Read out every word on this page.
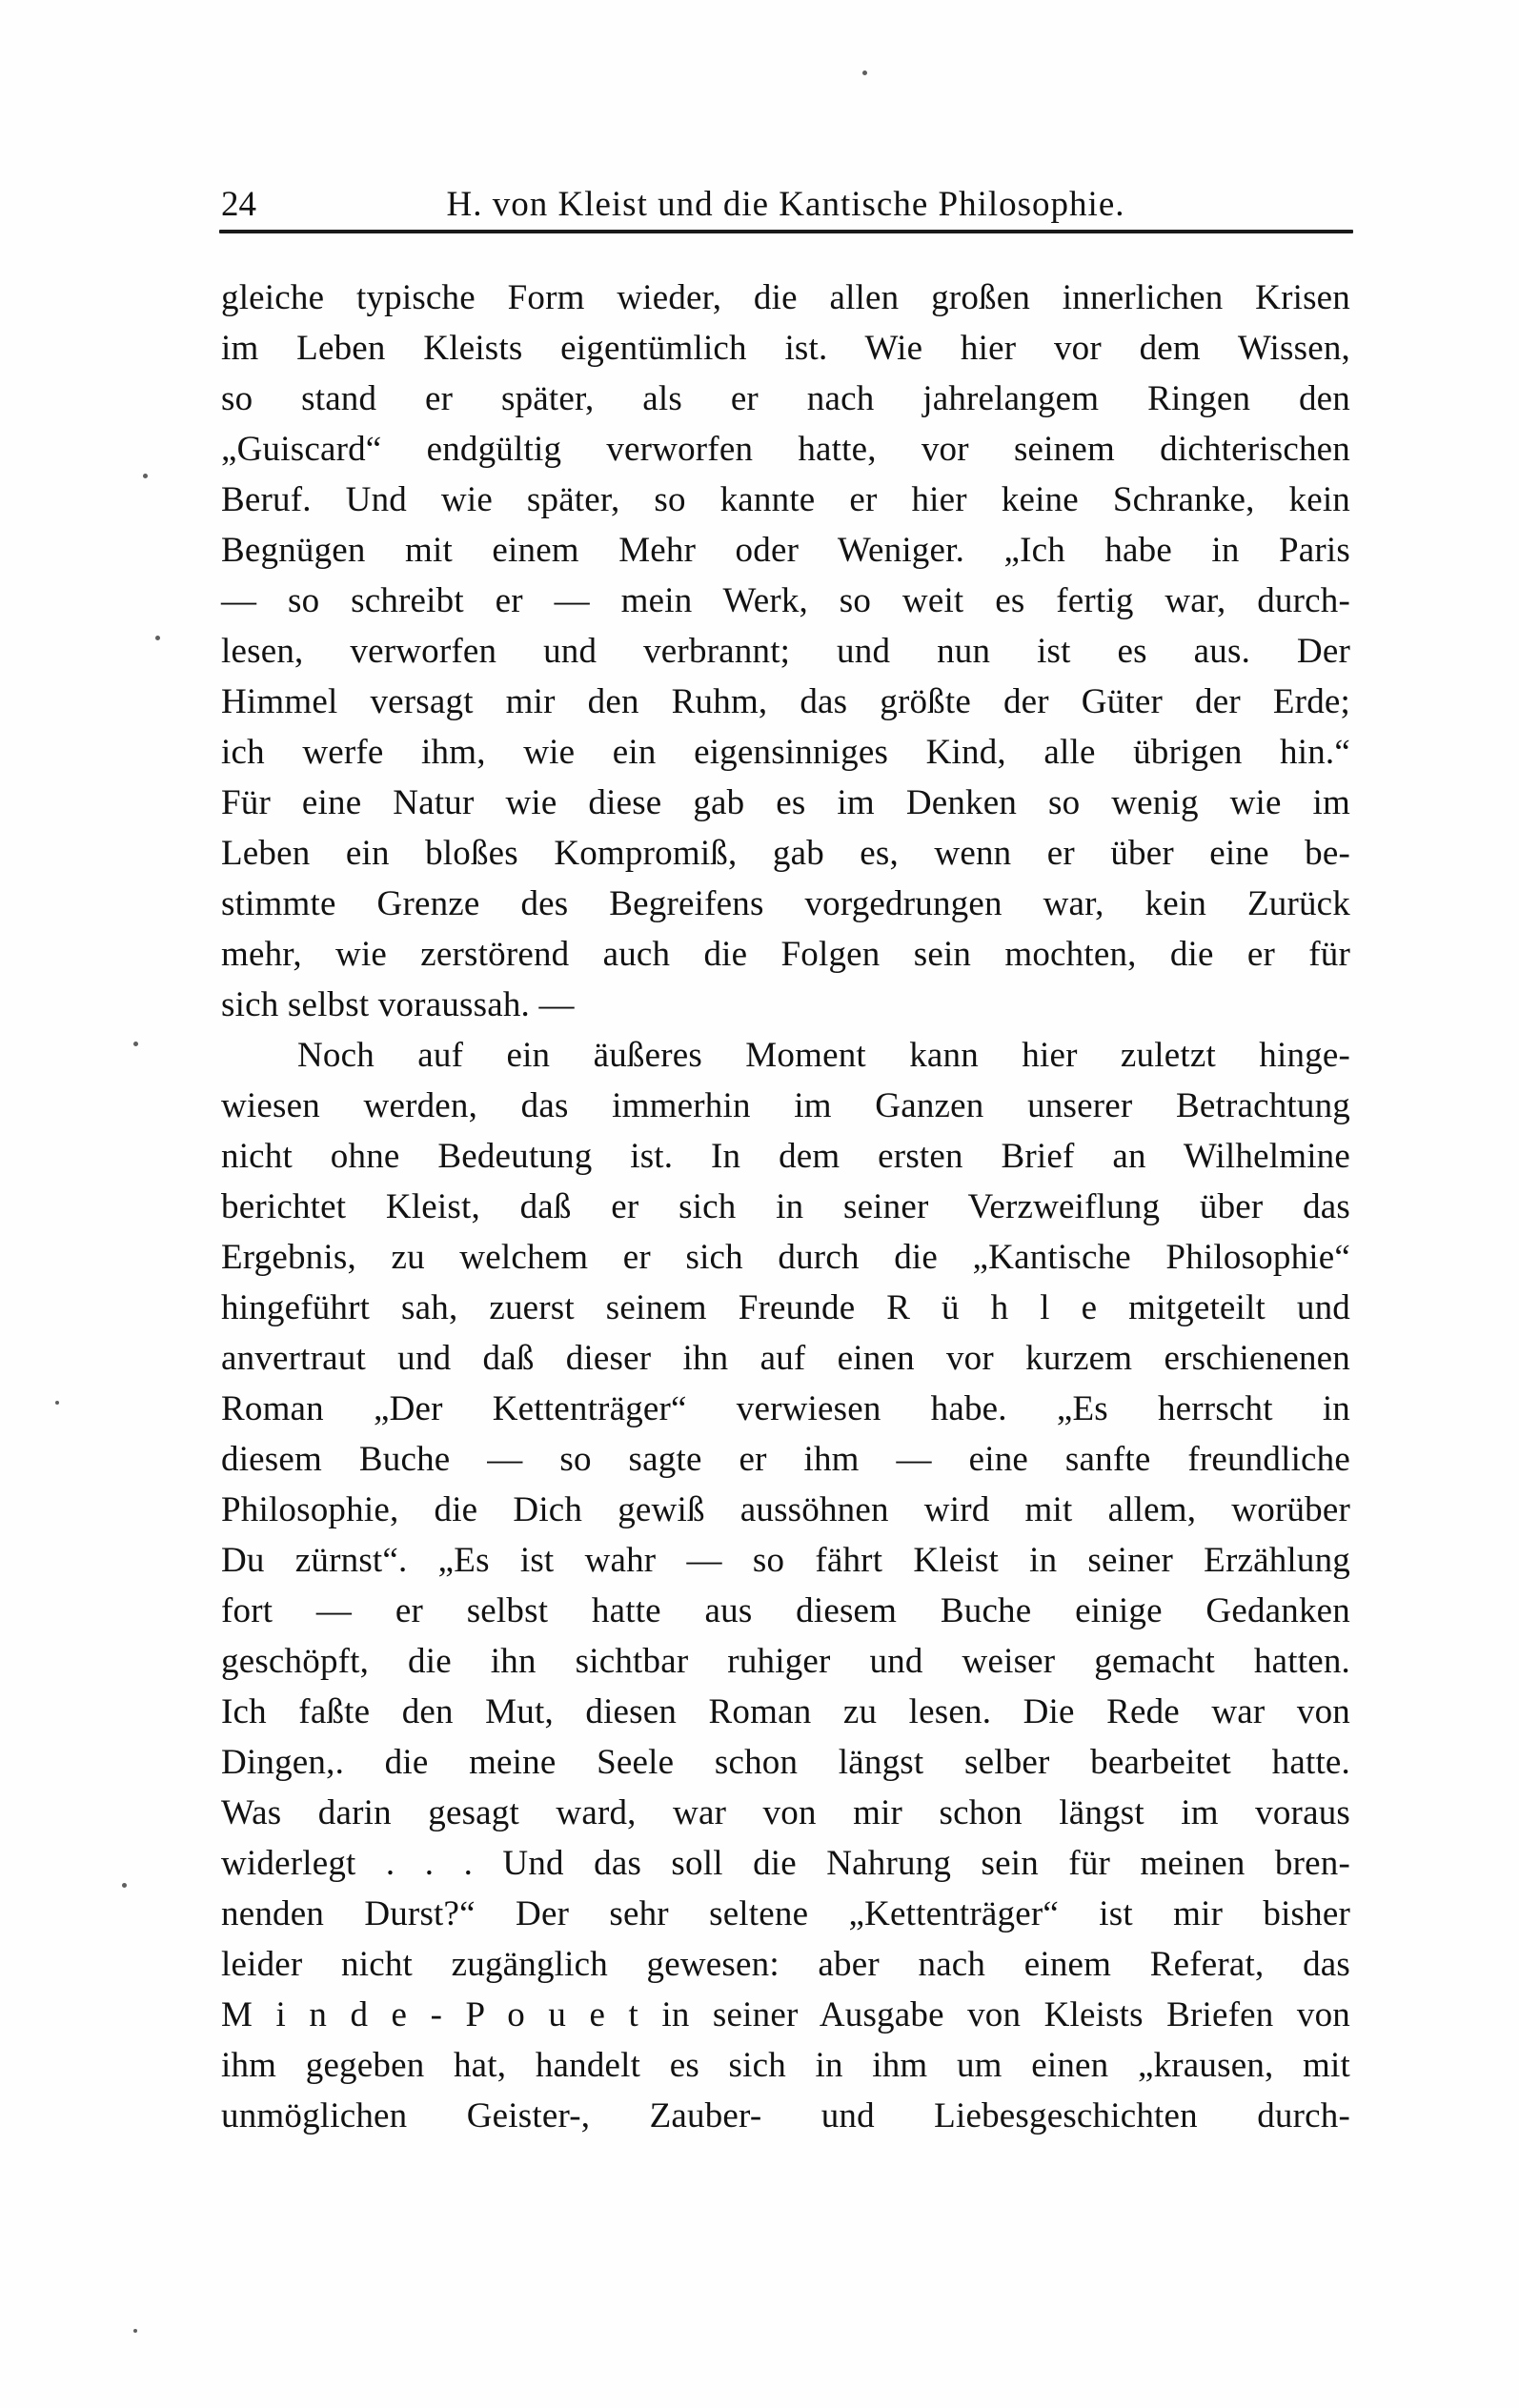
24	H. von Kleist und die Kantische Philosophie.
gleiche typische Form wieder, die allen großen innerlichen Krisen
im Leben Kleists eigentümlich ist. Wie hier vor dem Wissen,
so stand er später, als er nach jahrelangem Ringen den
„Guiscard“ endgültig verworfen hatte, vor seinem dichterischen
Beruf. Und wie später, so kannte er hier keine Schranke, kein
Begnügen mit einem Mehr oder Weniger. „Ich habe in Paris
— so schreibt er — mein Werk, so weit es fertig war, durch-
lesen, verworfen und verbrannt; und nun ist es aus. Der
Himmel versagt mir den Ruhm, das größte der Güter der Erde;
ich werfe ihm, wie ein eigensinniges Kind, alle übrigen hin.“
Für eine Natur wie diese gab es im Denken so wenig wie im
Leben ein bloßes Kompromiß, gab es, wenn er über eine be-
stimmte Grenze des Begreifens vorgedrungen war, kein Zurück
mehr, wie zerstörend auch die Folgen sein mochten, die er für
sich selbst voraussah. —
Noch auf ein äußeres Moment kann hier zuletzt hinge-
wiesen werden, das immerhin im Ganzen unserer Betrachtung
nicht ohne Bedeutung ist. In dem ersten Brief an Wilhelmine
berichtet Kleist, daß er sich in seiner Verzweiflung über das
Ergebnis, zu welchem er sich durch die „Kantische Philosophie“
hingeführt sah, zuerst seinem Freunde R ü h l e mitgeteilt und
anvertraut und daß dieser ihn auf einen vor kurzem erschienenen
Roman „Der Kettenträger“ verwiesen habe. „Es herrscht in
diesem Buche — so sagte er ihm — eine sanfte freundliche
Philosophie, die Dich gewiß aussöhnen wird mit allem, worüber
Du zürnst“. „Es ist wahr — so fährt Kleist in seiner Erzählung
fort — er selbst hatte aus diesem Buche einige Gedanken
geschöpft, die ihn sichtbar ruhiger und weiser gemacht hatten.
Ich faßte den Mut, diesen Roman zu lesen. Die Rede war von
Dingen,. die meine Seele schon längst selber bearbeitet hatte.
Was darin gesagt ward, war von mir schon längst im voraus
widerlegt . . . Und das soll die Nahrung sein für meinen bren-
nenden Durst?“ Der sehr seltene „Kettenträger“ ist mir bisher
leider nicht zugänglich gewesen: aber nach einem Referat, das
M i n d e - P o u e t in seiner Ausgabe von Kleists Briefen von
ihm gegeben hat, handelt es sich in ihm um einen „krausen, mit
unmöglichen Geister-, Zauber- und Liebesgeschichten durch-
